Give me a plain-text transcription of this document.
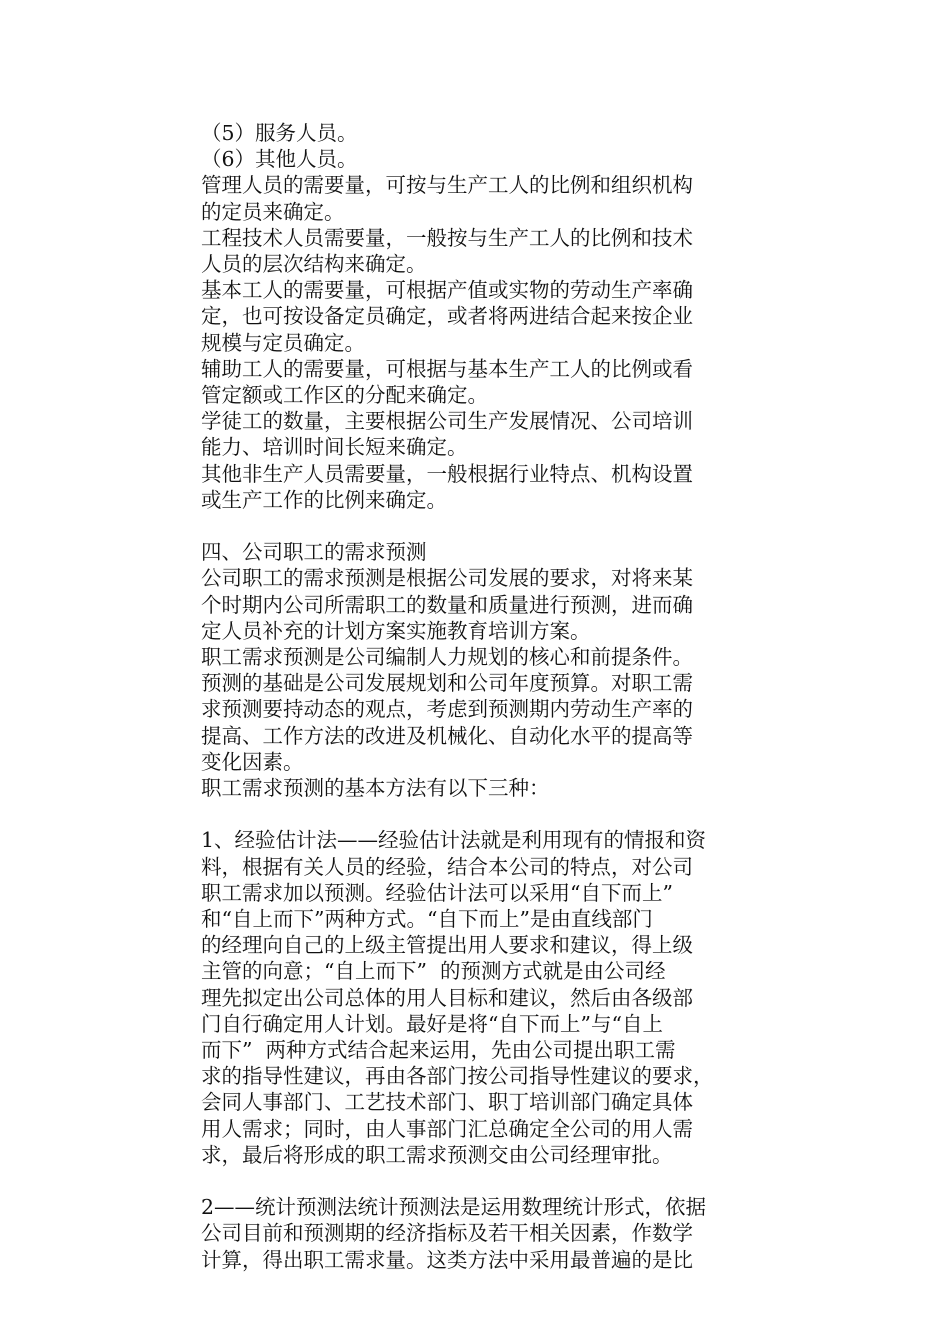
（5）服务人员。

（6）其他人员。

管理人员的需要量，可按与生产工人的比例和组织机构
的定员来确定。

工程技术人员需要量，一般按与生产工人的比例和技术
人员的层次结构来确定。

基本工人的需要量，可根据产值或实物的劳动生产率确
定，也可按设备定员确定，或者将两进结合起来按企业
规模与定员确定。

辅助工人的需要量，可根据与基本生产工人的比例或看
管定额或工作区的分配来确定。

学徒工的数量，主要根据公司生产发展情况、公司培训
能力、培训时间长短来确定。

其他非生产人员需要量，一般根据行业特点、机构设置
或生产工作的比例来确定。

四、公司职工的需求预测

公司职工的需求预测是根据公司发展的要求，对将来某
个时期内公司所需职工的数量和质量进行预测，进而确
定人员补充的计划方案实施教育培训方案。

职工需求预测是公司编制人力规划的核心和前提条件。
预测的基础是公司发展规划和公司年度预算。对职工需
求预测要持动态的观点，考虑到预测期内劳动生产率的
提高、工作方法的改进及机械化、自动化水平的提高等
变化因素。

职工需求预测的基本方法有以下三种：

1、经验估计法——经验估计法就是利用现有的情报和资
料，根据有关人员的经验，结合本公司的特点，对公司
职工需求加以预测。经验估计法可以采用“自下而上”
和“自上而下”两种方式。“自下而上”是由直线部门
的经理向自己的上级主管提出用人要求和建议，得上级
主管的向意；“自上而下”  的预测方式就是由公司经
理先拟定出公司总体的用人目标和建议，然后由各级部
门自行确定用人计划。最好是将“自下而上”与“自上
而下”  两种方式结合起来运用，先由公司提出职工需
求的指导性建议，再由各部门按公司指导性建议的要求，
会同人事部门、工艺技术部门、职丁培训部门确定具体
用人需求；同时，由人事部门汇总确定全公司的用人需
求，最后将形成的职工需求预测交由公司经理审批。

2——统计预测法统计预测法是运用数理统计形式，依据
公司目前和预测期的经济指标及若干相关因素，作数学
计算，得出职工需求量。这类方法中采用最普遍的是比
